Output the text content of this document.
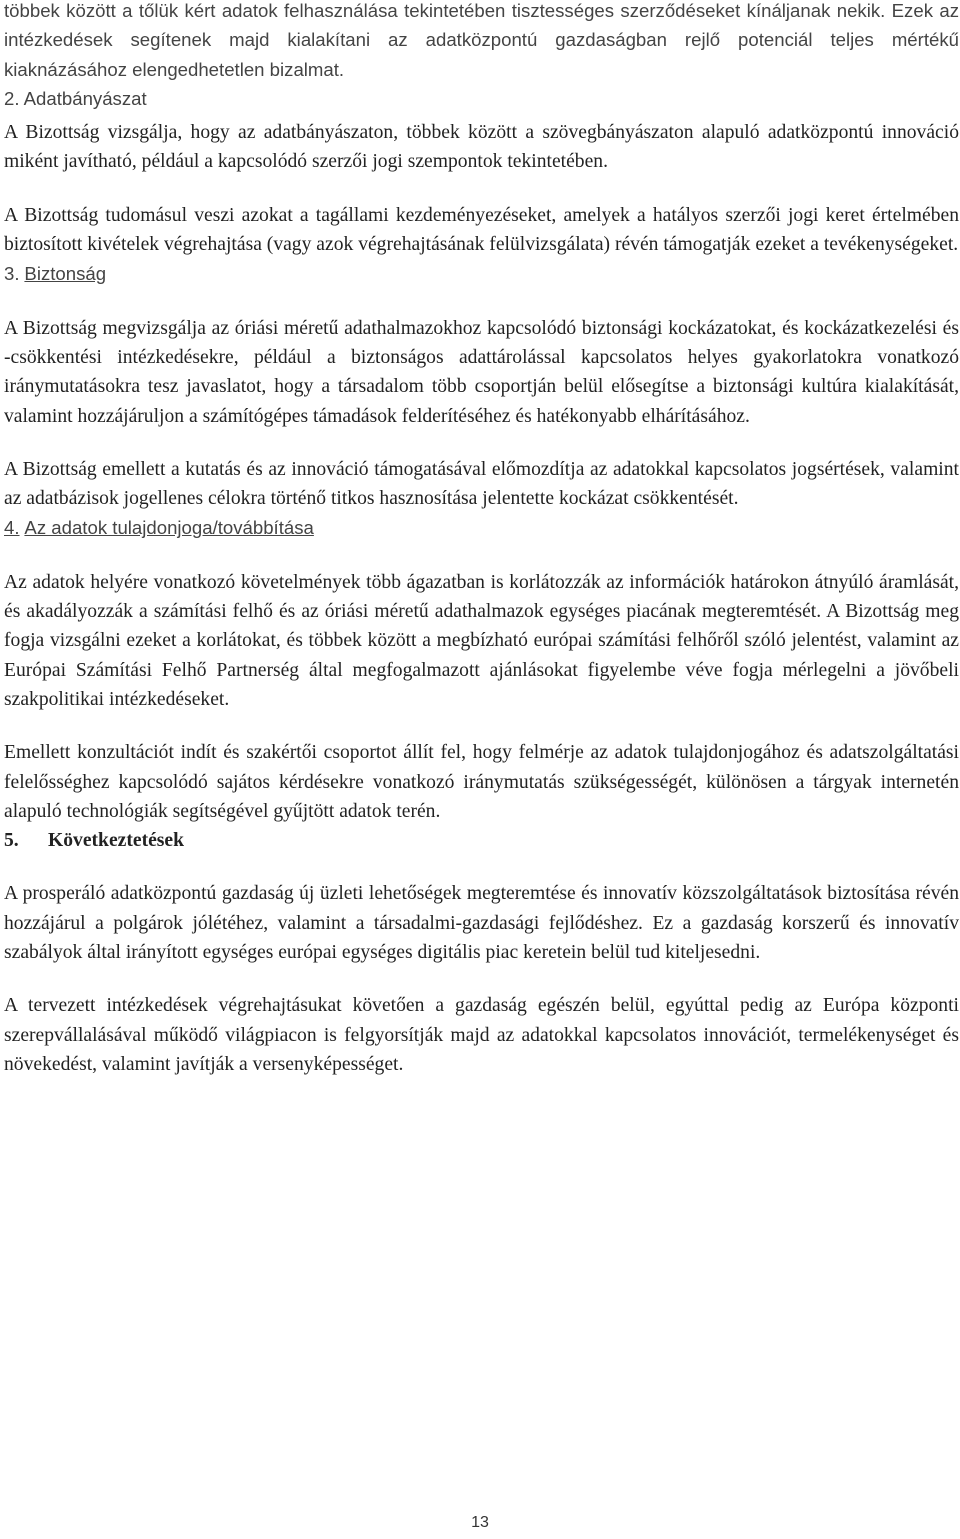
többek között a tőlük kért adatok felhasználása tekintetében tisztességes szerződéseket kínáljanak nekik. Ezek az intézkedések segítenek majd kialakítani az adatközpontú gazdaságban rejlő potenciál teljes mértékű kiaknázásához elengedhetetlen bizalmat.

2. Adatbányászat

A Bizottság vizsgálja, hogy az adatbányászaton, többek között a szövegbányászaton alapuló adatközpontú innováció miként javítható, például a kapcsolódó szerzői jogi szempontok tekintetében.

A Bizottság tudomásul veszi azokat a tagállami kezdeményezéseket, amelyek a hatályos szerzői jogi keret értelmében biztosított kivételek végrehajtása (vagy azok végrehajtásának felülvizsgálata) révén támogatják ezeket a tevékenységeket.

3. Biztonság

A Bizottság megvizsgálja az óriási méretű adathalmazokhoz kapcsolódó biztonsági kockázatokat, és kockázatkezelési és -csökkentési intézkedésekre, például a biztonságos adattárolással kapcsolatos helyes gyakorlatokra vonatkozó iránymutatásokra tesz javaslatot, hogy a társadalom több csoportján belül elősegítse a biztonsági kultúra kialakítását, valamint hozzájáruljon a számítógépes támadások felderítéséhez és hatékonyabb elhárításához.

A Bizottság emellett a kutatás és az innováció támogatásával előmozdítja az adatokkal kapcsolatos jogsértések, valamint az adatbázisok jogellenes célokra történő titkos hasznosítása jelentette kockázat csökkentését.

4. Az adatok tulajdonjoga/továbbítása

Az adatok helyére vonatkozó követelmények több ágazatban is korlátozzák az információk határokon átnyúló áramlását, és akadályozzák a számítási felhő és az óriási méretű adathalmazok egységes piacának megteremtését. A Bizottság meg fogja vizsgálni ezeket a korlátokat, és többek között a megbízható európai számítási felhőről szóló jelentést, valamint az Európai Számítási Felhő Partnerség által megfogalmazott ajánlásokat figyelembe véve fogja mérlegelni a jövőbeli szakpolitikai intézkedéseket.

Emellett konzultációt indít és szakértői csoportot állít fel, hogy felmérje az adatok tulajdonjogához és adatszolgáltatási felelősséghez kapcsolódó sajátos kérdésekre vonatkozó iránymutatás szükségességét, különösen a tárgyak internetén alapuló technológiák segítségével gyűjtött adatok terén.

5. Következtetések

A prosperáló adatközpontú gazdaság új üzleti lehetőségek megteremtése és innovatív közszolgáltatások biztosítása révén hozzájárul a polgárok jólétéhez, valamint a társadalmi-gazdasági fejlődéshez. Ez a gazdaság korszerű és innovatív szabályok által irányított egységes európai egységes digitális piac keretein belül tud kiteljesedni.

A tervezett intézkedések végrehajtásukat követően a gazdaság egészén belül, egyúttal pedig az Európa központi szerepvállalásával működő világpiacon is felgyorsítják majd az adatokkal kapcsolatos innovációt, termelékenységet és növekedést, valamint javítják a versenyképességet.

13
